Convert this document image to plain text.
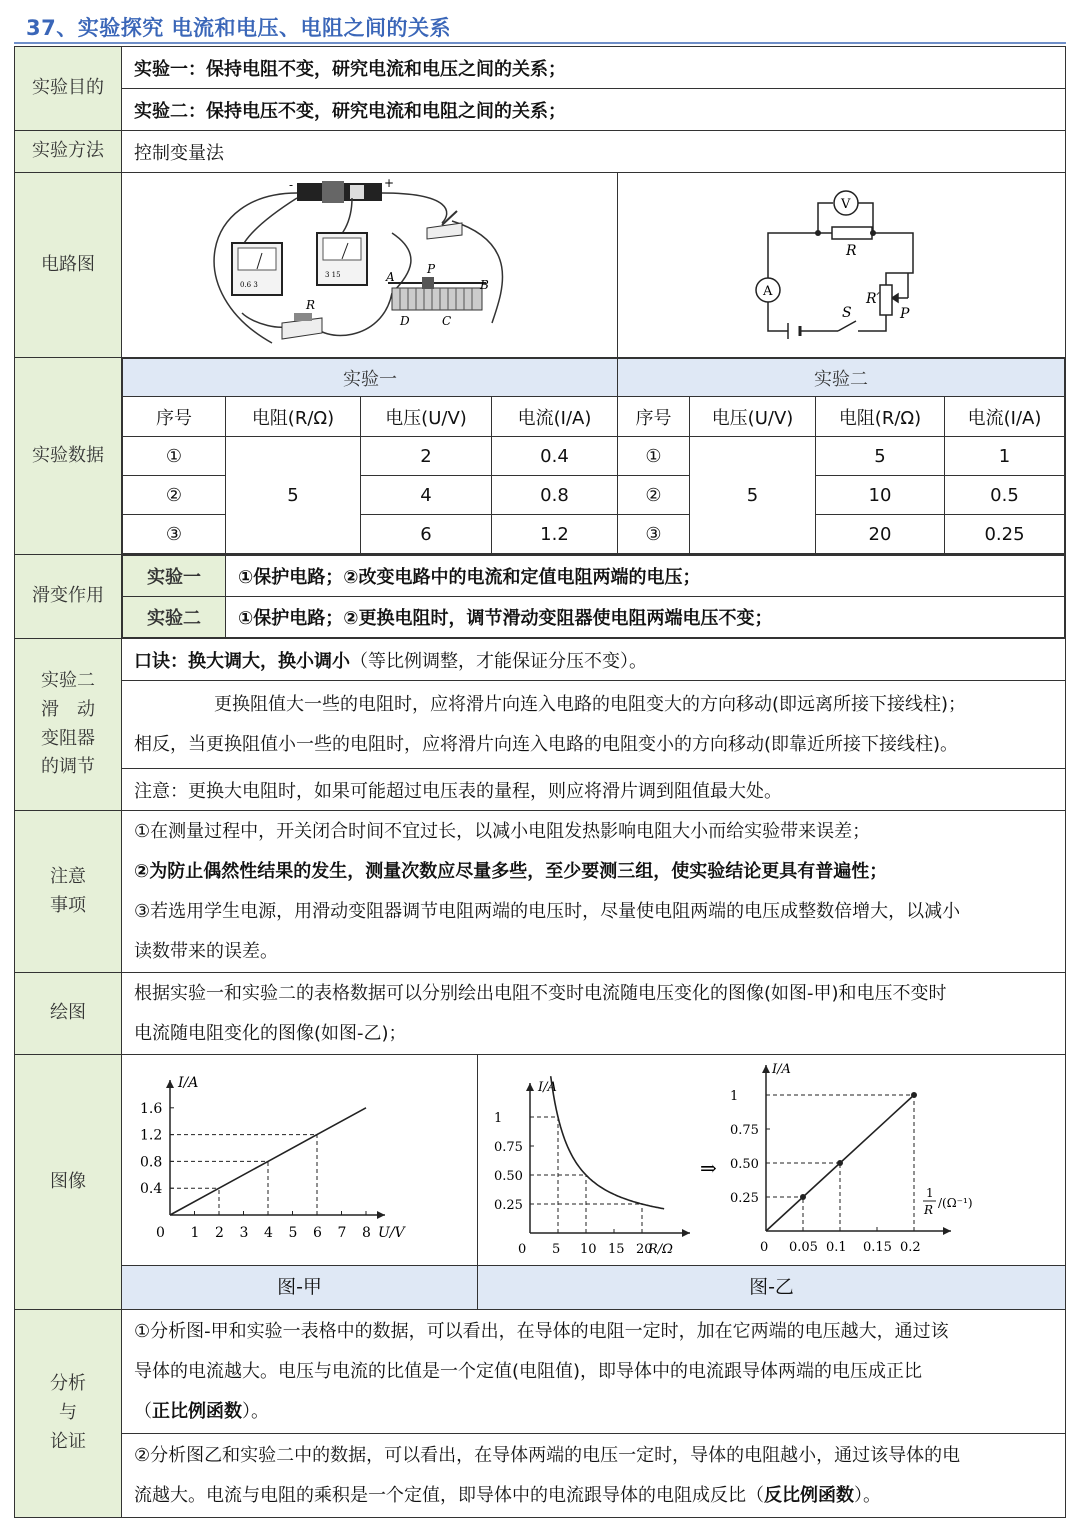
37、实验探究 电流和电压、电阻之间的关系
实验目的	实验一：保持电阻不变，研究电流和电压之间的关系；
实验二：保持电压不变，研究电流和电阻之间的关系；
实验方法	控制变量法
电路图	
-	+
0.6 3
3 15
R
A
P
B
D	C
V
A
R
R′
S	P

实验数据	
实验一	实验二
序号	电阻(R/Ω)	电压(U/V)	电流(I/A)	序号	电压(U/V)	电阻(R/Ω)	电流(I/A)
①	5	2	0.4	①	5	5	1
②	4	0.8	②	10	0.5
③	6	1.2	③	20	0.25

滑变作用	
实验一	①保护电路；②改变电路中的电流和定值电阻两端的电压；
实验二	①保护电路；②更换电阻时，调节滑动变阻器使电阻两端电压不变；

实验二
滑　动
变阻器
的调节
	口诀：换大调大，换小调小（等比例调整，才能保证分压不变）。

更换阻值大一些的电阻时，应将滑片向连入电路的电阻变大的方向移动(即远离所接下接线柱)；
相反，当更换阻值小一些的电阻时，应将滑片向连入电路的电阻变小的方向移动(即靠近所接下接线柱)。

注意：更换大电阻时，如果可能超过电压表的量程，则应将滑片调到阻值最大处。

注意
事项

①在测量过程中，开关闭合时间不宜过长，以减小电阻发热影响电阻大小而给实验带来误差；
②为防止偶然性结果的发生，测量次数应尽量多些，至少要测三组，使实验结论更具有普遍性；
③若选用学生电源，用滑动变阻器调节电阻两端的电压时，尽量使电阻两端的电压成整数倍增大，以减小
读数带来的误差。

绘图	
根据实验一和实验二的表格数据可以分别绘出电阻不变时电流随电压变化的图像(如图-甲)和电压不变时
电流随电阻变化的图像(如图-乙)；

图像	
0 1 2 3 4 5 6 7 8
0.4
0.8
1.2
1.6
I/A
U/V
0 5 10 15 20
0.25
0.50
0.75
1
I/A
R/Ω
⇒
0 0.05 0.1 0.15 0.2
0.25
0.50
0.75
1
I/A
1
R /(Ω⁻¹)
图-甲	图-乙

分析
与
论证

①分析图-甲和实验一表格中的数据，可以看出，在导体的电阻一定时，加在它两端的电压越大，通过该
导体的电流越大。电压与电流的比值是一个定值(电阻值)，即导体中的电流跟导体两端的电压成正比
（正比例函数）。

②分析图乙和实验二中的数据，可以看出，在导体两端的电压一定时，导体的电阻越小，通过该导体的电
流越大。电流与电阻的乘积是一个定值，即导体中的电流跟导体的电阻成反比（反比例函数）。
